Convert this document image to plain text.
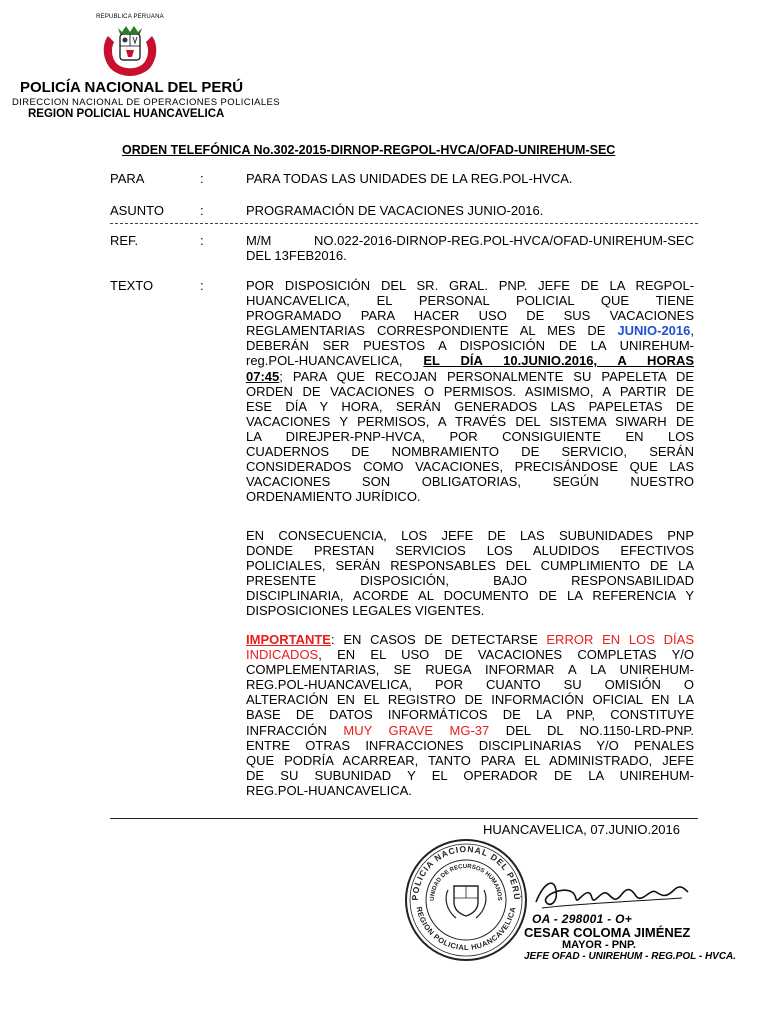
REPUBLICA PERUANA
POLICÍA NACIONAL DEL PERÚ
DIRECCION NACIONAL DE OPERACIONES POLICIALES
REGION POLICIAL HUANCAVELICA
ORDEN TELEFÓNICA No.302-2015-DIRNOP-REGPOL-HVCA/OFAD-UNIREHUM-SEC
PARA	:	PARA TODAS LAS UNIDADES DE LA REG.POL-HVCA.
ASUNTO	:	PROGRAMACIÓN DE VACACIONES JUNIO-2016.
REF.	:	M/M NO.022-2016-DIRNOP-REG.POL-HVCA/OFAD-UNIREHUM-SEC
DEL 13FEB2016.
TEXTO	:	POR DISPOSICIÓN DEL SR. GRAL. PNP. JEFE DE LA REGPOL-
HUANCAVELICA, EL PERSONAL POLICIAL QUE TIENE
PROGRAMADO PARA HACER USO DE SUS VACACIONES
REGLAMENTARIAS CORRESPONDIENTE AL MES DE JUNIO-2016,
DEBERÁN SER PUESTOS A DISPOSICIÓN DE LA UNIREHUM-
reg.POL-HUANCAVELICA, EL DÍA 10.JUNIO.2016, A HORAS
07:45; PARA QUE RECOJAN PERSONALMENTE SU PAPELETA DE
ORDEN DE VACACIONES O PERMISOS. ASIMISMO, A PARTIR DE
ESE DÍA Y HORA, SERÁN GENERADOS LAS PAPELETAS DE
VACACIONES Y PERMISOS, A TRAVÉS DEL SISTEMA SIWARH DE
LA DIREJPER-PNP-HVCA, POR CONSIGUIENTE EN LOS
CUADERNOS DE NOMBRAMIENTO DE SERVICIO, SERÁN
CONSIDERADOS COMO VACACIONES, PRECISÁNDOSE QUE LAS
VACACIONES SON OBLIGATORIAS, SEGÚN NUESTRO
ORDENAMIENTO JURÍDICO.
EN CONSECUENCIA, LOS JEFE DE LAS SUBUNIDADES PNP
DONDE PRESTAN SERVICIOS LOS ALUDIDOS EFECTIVOS
POLICIALES, SERÁN RESPONSABLES DEL CUMPLIMIENTO DE LA
PRESENTE DISPOSICIÓN, BAJO RESPONSABILIDAD
DISCIPLINARIA, ACORDE AL DOCUMENTO DE LA REFERENCIA Y
DISPOSICIONES LEGALES VIGENTES.
IMPORTANTE: EN CASOS DE DETECTARSE ERROR EN LOS DÍAS
INDICADOS, EN EL USO DE VACACIONES COMPLETAS Y/O
COMPLEMENTARIAS, SE RUEGA INFORMAR A LA UNIREHUM-
REG.POL-HUANCAVELICA, POR CUANTO SU OMISIÓN O
ALTERACIÓN EN EL REGISTRO DE INFORMACIÓN OFICIAL EN LA
BASE DE DATOS INFORMÁTICOS DE LA PNP, CONSTITUYE
INFRACCIÓN MUY GRAVE MG-37 DEL DL NO.1150-LRD-PNP.
ENTRE OTRAS INFRACCIONES DISCIPLINARIAS Y/O PENALES
QUE PODRÍA ACARREAR, TANTO PARA EL ADMINISTRADO, JEFE
DE SU SUBUNIDAD Y EL OPERADOR DE LA UNIREHUM-
REG.POL-HUANCAVELICA.
HUANCAVELICA, 07.JUNIO.2016
POLICIA NACIONAL DEL PERÚ
UNIDAD DE RECURSOS HUMANOS
REGION POLICIAL HUANCAVELICA
OA - 298001 - O+
CESAR COLOMA JIMÉNEZ
MAYOR - PNP.
JEFE OFAD - UNIREHUM - REG.POL - HVCA.
